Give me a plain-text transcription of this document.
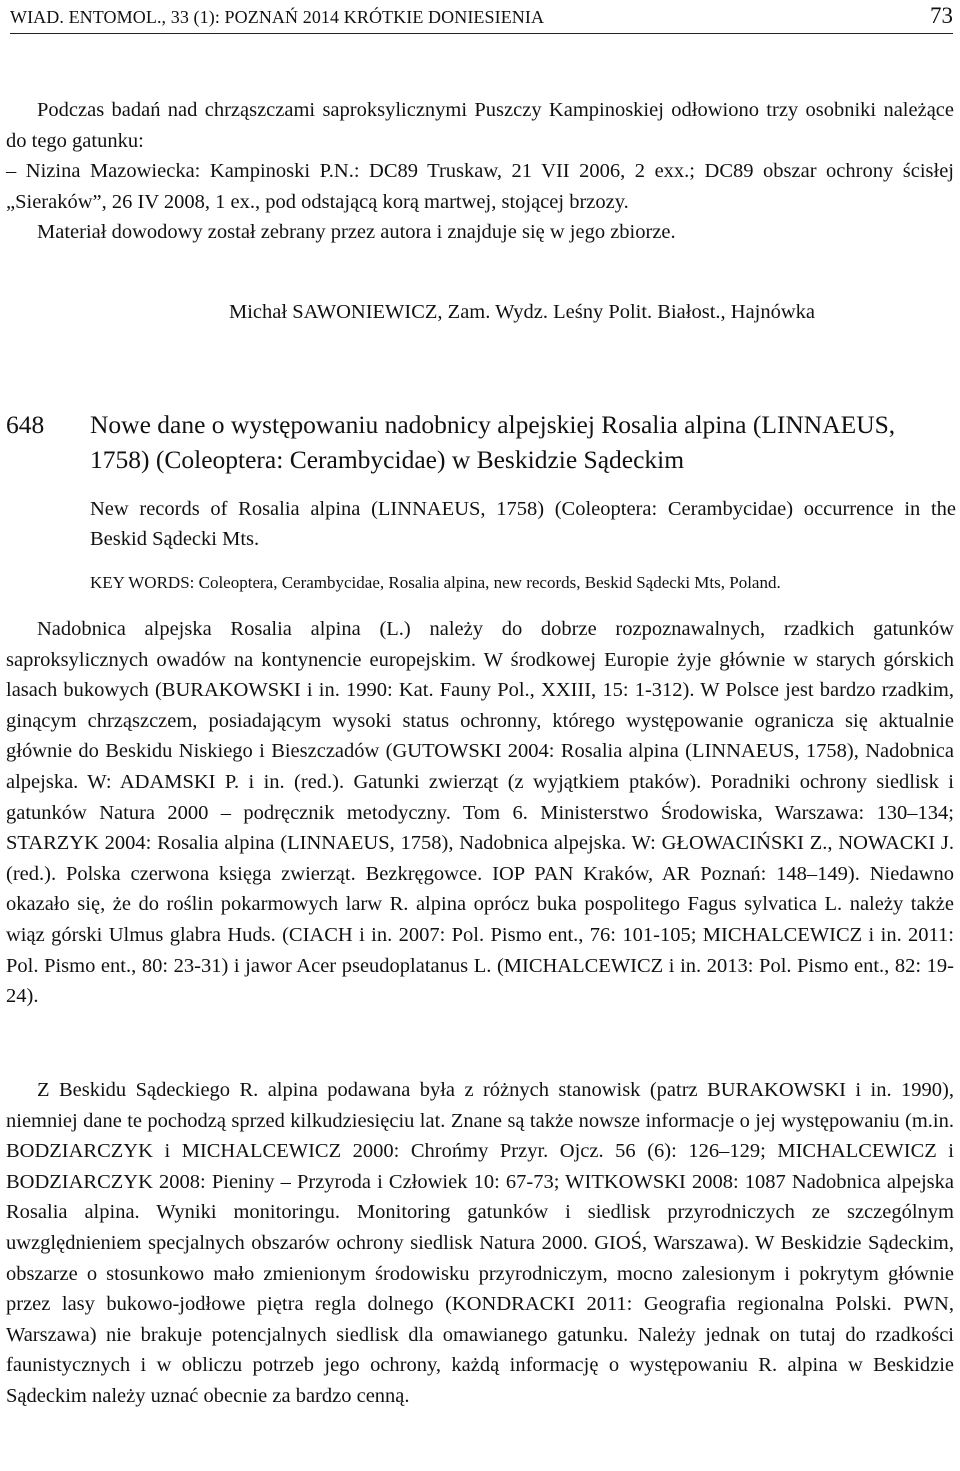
WIAD. ENTOMOL., 33 (1): POZNAŃ 2014 KRÓTKIE DONIESIENIA	73

Podczas badań nad chrząszczami saproksylicznymi Puszczy Kampinoskiej odłowiono trzy osobniki należące do tego gatunku:
– Nizina Mazowiecka: Kampinoski P.N.: DC89 Truskaw, 21 VII 2006, 2 exx.; DC89 obszar ochrony ścisłej „Sieraków”, 26 IV 2008, 1 ex., pod odstającą korą martwej, stojącej brzozy.
Materiał dowodowy został zebrany przez autora i znajduje się w jego zbiorze.

Michał SAWONIEWICZ, Zam. Wydz. Leśny Polit. Białost., Hajnówka
648 Nowe dane o występowaniu nadobnicy alpejskiej Rosalia alpina (LINNAEUS, 1758) (Coleoptera: Cerambycidae) w Beskidzie Sądeckim

New records of Rosalia alpina (LINNAEUS, 1758) (Coleoptera: Cerambycidae) occurrence in the Beskid Sądecki Mts.

KEY WORDS: Coleoptera, Cerambycidae, Rosalia alpina, new records, Beskid Sądecki Mts, Poland.

Nadobnica alpejska Rosalia alpina (L.) należy do dobrze rozpoznawalnych, rzadkich gatunków saproksylicznych owadów na kontynencie europejskim. W środkowej Europie żyje głównie w starych górskich lasach bukowych (BURAKOWSKI i in. 1990: Kat. Fauny Pol., XXIII, 15: 1-312). W Polsce jest bardzo rzadkim, ginącym chrząszczem, posiadającym wysoki status ochronny, którego występowanie ogranicza się aktualnie głównie do Beskidu Niskiego i Bieszczadów (GUTOWSKI 2004: Rosalia alpina (LINNAEUS, 1758), Nadobnica alpejska. W: ADAMSKI P. i in. (red.). Gatunki zwierząt (z wyjątkiem ptaków). Poradniki ochrony siedlisk i gatunków Natura 2000 – podręcznik metodyczny. Tom 6. Ministerstwo Środowiska, Warszawa: 130–134; STARZYK 2004: Rosalia alpina (LINNAEUS, 1758), Nadobnica alpejska. W: GŁOWACIŃSKI Z., NOWACKI J. (red.). Polska czerwona księga zwierząt. Bezkręgowce. IOP PAN Kraków, AR Poznań: 148–149). Niedawno okazało się, że do roślin pokarmowych larw R. alpina oprócz buka pospolitego Fagus sylvatica L. należy także wiąz górski Ulmus glabra Huds. (CIACH i in. 2007: Pol. Pismo ent., 76: 101-105; MICHALCEWICZ i in. 2011: Pol. Pismo ent., 80: 23-31) i jawor Acer pseudoplatanus L. (MICHALCEWICZ i in. 2013: Pol. Pismo ent., 82: 19-24).

Z Beskidu Sądeckiego R. alpina podawana była z różnych stanowisk (patrz BURAKOWSKI i in. 1990), niemniej dane te pochodzą sprzed kilkudziesięciu lat. Znane są także nowsze informacje o jej występowaniu (m.in. BODZIARCZYK i MICHALCEWICZ 2000: Chrońmy Przyr. Ojcz. 56 (6): 126–129; MICHALCEWICZ i BODZIARCZYK 2008: Pieniny – Przyroda i Człowiek 10: 67-73; WITKOWSKI 2008: 1087 Nadobnica alpejska Rosalia alpina. Wyniki monitoringu. Monitoring gatunków i siedlisk przyrodniczych ze szczególnym uwzględnieniem specjalnych obszarów ochrony siedlisk Natura 2000. GIOŚ, Warszawa). W Beskidzie Sądeckim, obszarze o stosunkowo mało zmienionym środowisku przyrodniczym, mocno zalesionym i pokrytym głównie przez lasy bukowo-jodłowe piętra regla dolnego (KONDRACKI 2011: Geografia regionalna Polski. PWN, Warszawa) nie brakuje potencjalnych siedlisk dla omawianego gatunku. Należy jednak on tutaj do rzadkości faunistycznych i w obliczu potrzeb jego ochrony, każdą informację o występowaniu R. alpina w Beskidzie Sądeckim należy uznać obecnie za bardzo cenną.
